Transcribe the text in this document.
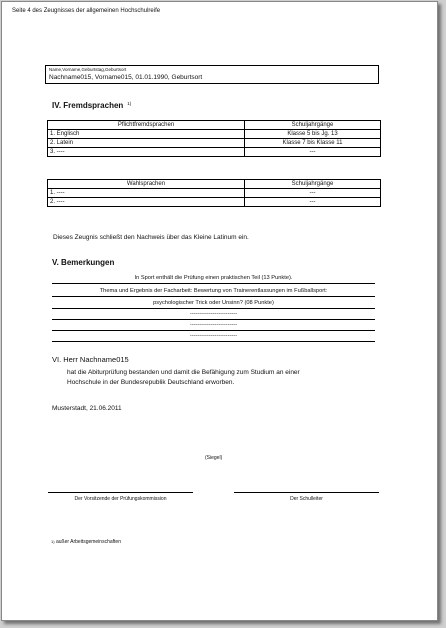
Seite 4 des Zeugnisses der allgemeinen Hochschulreife
Name,Vorname,Geburtstag,Geburtsort
Nachname015, Vorname015, 01.01.1990, Geburtsort
IV. Fremdsprachen $^{1)}$
Pflichtfremdsprachen	Schuljahrgänge
1. Englisch	Klasse 5 bis Jg. 13
2. Latein	Klasse 7 bis Klasse 11
3. ----	---
Wahlsprachen	Schuljahrgänge
1. ----	---
2. ----	---
Dieses Zeugnis schließt den Nachweis über das Kleine Latinum ein.
V. Bemerkungen
In Sport enthält die Prüfung einen praktischen Teil (13 Punkte).
Thema und Ergebnis der Facharbeit: Bewertung von Trainerentlassungen im Fußballsport:
psychologischer Trick oder Unsinn? (08 Punkte)
-------------------------
-------------------------
-------------------------
VI. Herr Nachname015
hat die Abiturprüfung bestanden und damit die Befähigung zum Studium an einer
Hochschule in der Bundesrepublik Deutschland erworben.
Musterstadt, 21.06.2011
(Siegel)
Der Vorsitzende der Prüfungskommission	Der Schulleiter
$^{1)}$ außer Arbeitsgemeinschaften
